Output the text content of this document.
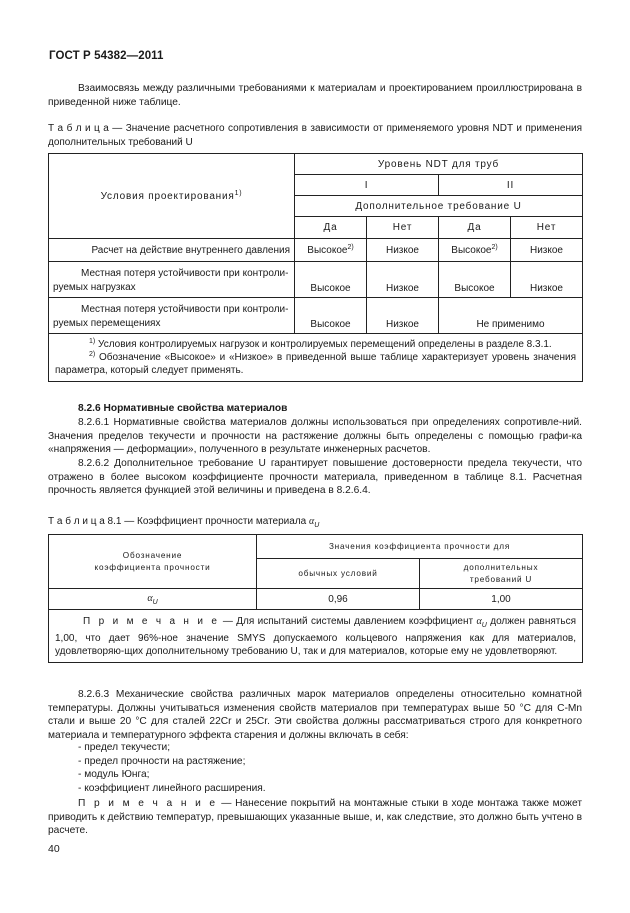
ГОСТ Р 54382—2011

Взаимосвязь между различными требованиями к материалам и проектированием проиллюстрирована в приведенной ниже таблице.

Т а б л и ц а — Значение расчетного сопротивления в зависимости от применяемого уровня NDT и применения дополнительных требований U
Условия проектирования$^{1)}$	Уровень NDT для труб			
	I		II	
	Дополнительное требование U			
	Да	Нет	Да	Нет
Расчет на действие внутреннего давления	Высокое$^{2)}$	Низкое	Высокое$^{2)}$	Низкое

Местная потеря устойчивости при контроли-
руемых нагрузках	Высокое	Низкое	Высокое	Низкое

Местная потеря устойчивости при контроли-
руемых перемещениях	Высокое	Низкое	Не применимо	

$^{1)}$ Условия контролируемых нагрузок и контролируемых перемещений определены в разделе 8.3.1.
$^{2)}$ Обозначение «Высокое» и «Низкое» в приведенной выше таблице характеризует уровень значения параметра, который следует применять.				
8.2.6 Нормативные свойства материалов

8.2.6.1 Нормативные свойства материалов должны использоваться при определениях сопротивле-ний. Значения пределов текучести и прочности на растяжение должны быть определены с помощью графи-ка «напряжения — деформации», полученного в результате инженерных расчетов.

8.2.6.2 Дополнительное требование U гарантирует повышение достоверности предела текучести, что отражено в более высоком коэффициенте прочности материала, приведенном в таблице 8.1. Расчетная прочность является функцией этой величины и приведена в 8.2.6.4.

Т а б л и ц а 8.1 — Коэффициент прочности материала $\alpha_U$
Обозначение
коэффициента прочности	Значения коэффициента прочности для	
	обычных условий	дополнительных
требований U

$\alpha_U$	0,96	1,00

П р и м е ч а н и е — Для испытаний системы давлением коэффициент $\alpha_U$ должен равняться 1,00, что дает 96%-ное значение SMYS допускаемого кольцевого напряжения как для материалов, удовлетворяю-щих дополнительному требованию U, так и для материалов, которые ему не удовлетворяют.		

8.2.6.3 Механические свойства различных марок материалов определены относительно комнатной температуры. Должны учитываться изменения свойств материалов при температурах выше 50 °С для C-Mn стали и выше 20 °С для сталей 22Cr и 25Cr. Эти свойства должны рассматриваться строго для конкретного материала и температурного эффекта старения и должны включать в себя:

- предел текучести;
- предел прочности на растяжение;
- модуль Юнга;
- коэффициент линейного расширения.

П р и м е ч а н и е — Нанесение покрытий на монтажные стыки в ходе монтажа также может приводить к действию температур, превышающих указанные выше, и, как следствие, это должно быть учтено в расчете.

40
